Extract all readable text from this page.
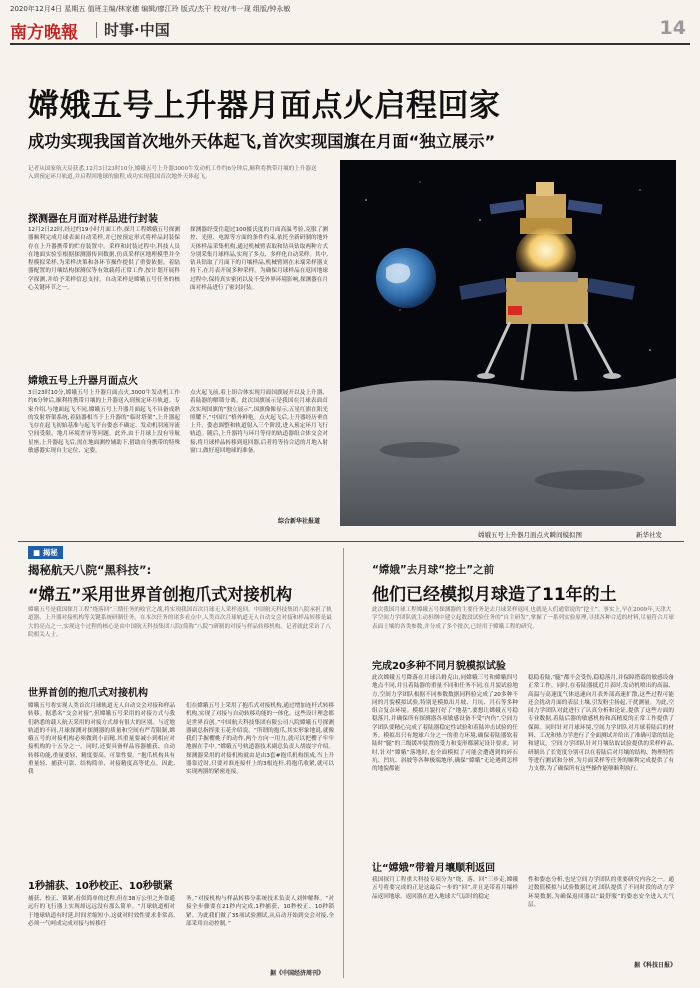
2020年12月4日 星期五 值班主编/林家穗 编辑/廖江玲 版式/杰干 校对/韦一现 组版/钟永敏
南方晚報 时事·中国	14
嫦娥五号上升器月面点火启程回家
成功实现我国首次地外天体起飞,首次实现国旗在月面“独立展示”
记者从国家航天局获悉,12月3日23时10分,嫦娥五号上升器3000牛发动机工作约6分钟后,顺利将携带月壤的上升器送入到预定环月轨道,并启程回地球的旅程,成功实现我国首次地外天体起飞。
探测器在月面对样品进行封装
12月2日22时,经过约19小时月面工作,探月工程嫦娥五号探测器顺利完成月球表面自动采样,并已按预定形式将样品封装保存在上升器携带的贮存装置中。采样和封装过程中,科技人员在地面实验室根据探测器传回数据,仿真采样区地理模型并全程模拟采样,为采样决策和各环节操作提供了重要依据。着陆器配置的月壤结构探测仪等有效载荷正常工作,按计划开展科学探测,并给予采样信息支持。自动采样是嫦娥五号任务的核心关键环节之一。
探测器经受住超过100摄氏度的月面高温考验,克服了测控、光照、电源等方面的条件约束,依托全新研制的地外天体样品采集机构,通过机械臂表取和钻具钻取两种方式分别采集月球样品,实现了多点、多样化自动采样。其中,钻具钻取了月面下的月壤样品,机械臂则在末端采样器支持下,在月表开展多种采样。为确保月球样品在返回地球过程中,保持真实密闭以及不受外界环境影响,探测器在月面对样品进行了密封封装。
嫦娥五号上升器月面点火
3日23时10分,嫦娥五号上升器月面点火,3000牛发动机工作约6分钟后,顺利将携带月壤的上升器送入到预定环月轨道。专家介绍,与地面起飞不同,嫦娥五号上升器月面起飞不具备成熟的发射塔架系统,着陆器相当于上升器的“临时塔架”,上升器起飞存在起飞初始基准与起飞平台姿态不确定、发动机羽流导流空间受限、地月环境差异等问题。此外,由于月球上没有导航星座,上升器起飞后,需在地面测控辅助下,借助自身携带的特殊敏感器实现自主定位、定姿。
点火起飞前,着上组合体实现月面国旗展开以及上升器、着陆器的解锁分离。此次国旗展示是我国在月球表面首次实现国旗的“独立展示”,国旗像像显示,五星红旗在阳光照耀下,“中国红”格外鲜艳。点火起飞后,上升器经历垂直上升、姿态调整和轨道射入三个阶段,进入预定环月飞行轨道。随后,上升器将与环月等待的轨道器组合体交会对接,将月球样品转移到返回器,后者将等待合适的月地入射窗口,做好返回地球的准备。
综合新华社报道
嫦娥五号上升器月面点火瞬间模拟图	新华社发
■ 揭秘
揭秘航天八院“黑科技”:
“嫦五”采用世界首创抱爪式对接机构
嫦娥五号是我国探月工程“绕落回”三期任务的收官之战,将实现我国首次月球无人采样返回。中国航天科技集团八院承担了轨道器、上升器对接机构等关键系统研制任务。在本次任务的诸多看点中,人类首次月球轨道无人自动交会对接和样品转移是最大的亮点之一,实现这个过程的核心是由中国航天科技集团八院(简称“八院”)研制的对接与样品转移机构。记者就此采访了八院相关人士。
世界首创的抱爪式对接机构
嫦娥五号将实现人类首次月球轨道无人自动交会对接和样品转移。据悉名“交会对接”,但嫦娥五号采用的对接方式与我们熟悉的载人航天采用的对接方式却有很大的区别。与近地轨道的不同,月球探测对探测器的质量和空间有严苛限制,嫦娥五号的对接机构必须做到小而精,其重量要减小到相应对接机构的十五分之一。同时,还要具备样品容器捕获、自动转移功能,重量要轻、精度要高、可靠性要。“抱爪机构具有重量轻、捕获可靠、结构简单、对接精度高等优点。因此,我
们在嫦娥五号上采用了抱爪式对接机构,通过增加连杆式转移机构,实现了对接与自动转移功能的一体化。这些设计理念都是世界首创。”中国航天科技集团有限公司八院嫦娥五号探测器副总指挥张玉花介绍说。“所谓的抱爪,其实形象地说,就像我们手握樱桃子的动作,两个方向一用力,就可以把樱子牢牢地握在手中。”嫦娥五号轨道器技术副总负责人胡震宇介绍。探测器采用的对接机构就由是由3套#抱爪机构组成,当上升器靠近时,只要对准连接杆上的3根连杆,将抱爪收紧,就可以实现两器的紧密连接。
1秒捕获、10秒校正、10秒锁紧
捕获、校正、锁紧,看似简单的过程,但在38万公里之外靠遥远行的飞行器上实现却远远没有那么简单。“月球轨道相对于地球轨道有时延,时间差缩短小,这就对时效性要求非常高,必须一气呵成完成对接与转移任
务。”对接机构与样品转移分系统技术负责人刘仲解释。“对接全步骤要在21秒内完成,1秒捕获、10秒校正、10秒锁紧。为此我们做了35项试验测试,从启动开始到交会对接,全部采用自动控制。”
据《中国经济周刊》
“嫦娥”去月球“挖土”之前
他们已经模拟月球造了11年的土
此次我国月球工程嫦娥五号探测器的主要任务是去月球采样返回,也就是人们通常说的“挖土”。事实上,早在2009年,天津大学空间力学团队就主动担纲中建立起数段试验任务的“自主研发”,掌握了一系列实验原理,寻找各种合适的材料,尽量符合月球表面土壤的各类参数,并分成了多个批次,已经用于嫦娥工程的研究。
完成20多种不同月貌模拟试验
此次嫦娥五号降落在月球吕姆克山,同嫦娥三号和嫦娥四号地点不同,并且着陆器的重量不同和任务不同,在月貌试验地方,空间力学团队根据不同参数数据同科验完成了20多种不同的月貌模拟试验,特别是模拟出月坡、月坑、月石等多种组合复杂环境。模拟月貌打好了“地基”,要想让嫦娥五号稳稳落月,并确保所有探测器各项敏感设备不受“内伤”,空间力学团队要精心完成了着陆器稳定性试验和着陆冲击试验的任务。模拟出只有地球六分之一的重力环境,确保着陆器软着陆时“腿”的三级缓冲装置的受力和变形都满足设计要求。同时,针对“嫦娥”落地时,也全面模拟了可能会遭遇到的碎石坑、凹坑、斜坡等各种极端地形,确保“嫦娥”无论遇到怎样的地貌都能
稳稳着陆,“腿”都不会受伤,稳稳落月,并保障搭载的敏感设备正常工作。同时,在着陆器抵近月表时,发动机喷出的高温、高温与高速度气体迅速向月表外部高速扩散,这些过程可能还会扰动月面的表层土壤,引发粉尘扬起,干扰测量。为此,空间力学团队对此进行了认真分析和论证,提供了这些方面的专业数据,着陆后器的敏感机构和高精度的正常工作提供了保障。同时针对月球环境,空间力学团队对月球着陆后的材料、工况和热力学进行了全面测试并给出了准确可靠的结论和建议。空间力学团队针对月壤钻取试验提供的采样样品,研制出了长宽度分别可以在着陆后对月壤的结构、物理特性等进行测试和分析,为月面采样等任务的顺利完成提供了有力支撑,为了确保所有这些操作能够顺利执行。
让“嫦娥”带着月壤顺利返回
我国探月工程重大科技专项分为“绕、落、回”三步走,嫦娥五号将要完成的正是这最后一步的“回”,并且是带着月壤样品返回地球。返回器在进入地球大气层时的稳定
性和姿态分析,也是空间力学团队的重要研究内容之一。通过数值模拟与试验数据比对,团队提供了不同时段的动力学环境数据,为确保返回器以“最舒服”的姿态安全进入大气层。
据《科技日报》
